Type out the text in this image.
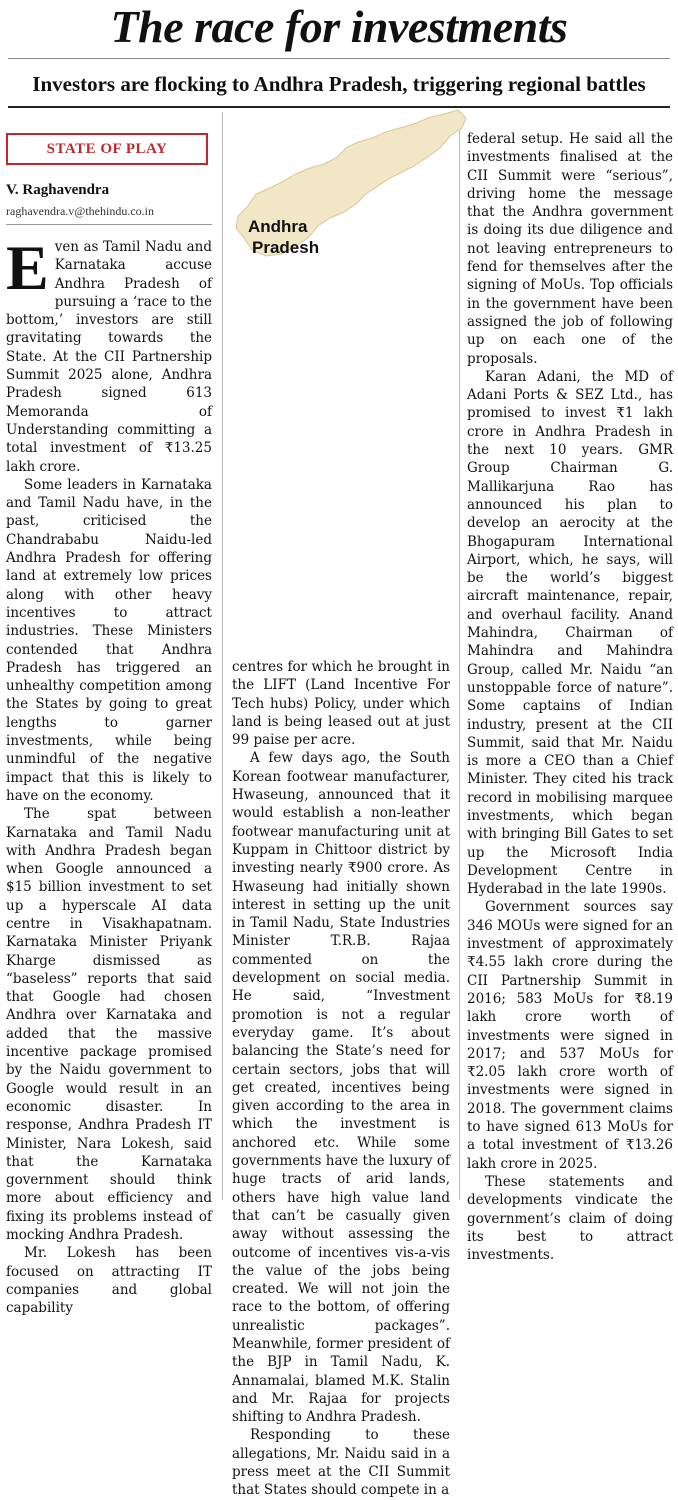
The race for investments
Investors are flocking to Andhra Pradesh, triggering regional battles
STATE OF PLAY
V. Raghavendra
raghavendra.v@thehindu.co.in

Even as Tamil Nadu and Karnataka accuse Andhra Pradesh of pursuing a ‘race to the bottom,’ investors are still gravitating towards the State. At the CII Partnership Summit 2025 alone, Andhra Pradesh signed 613 Memoranda of Understanding committing a total investment of ₹13.25 lakh crore.

Some leaders in Karnataka and Tamil Nadu have, in the past, criticised the Chandrababu Naidu-led Andhra Pradesh for offering land at extremely low prices along with other heavy incentives to attract industries. These Ministers contended that Andhra Pradesh has triggered an unhealthy competition among the States by going to great lengths to garner investments, while being unmindful of the negative impact that this is likely to have on the economy.

The spat between Karnataka and Tamil Nadu with Andhra Pradesh began when Google announced a $15 billion investment to set up a hyperscale AI data centre in Visakhapatnam. Karnataka Minister Priyank Kharge dismissed as “baseless” reports that said that Google had chosen Andhra over Karnataka and added that the massive incentive package promised by the Naidu government to Google would result in an economic disaster. In response, Andhra Pradesh IT Minister, Nara Lokesh, said that the Karnataka government should think more about efficiency and fixing its problems instead of mocking Andhra Pradesh.

Mr. Lokesh has been focused on attracting IT companies and global capability

Andhra
Pradesh

centres for which he brought in the LIFT (Land Incentive For Tech hubs) Policy, under which land is being leased out at just 99 paise per acre.

A few days ago, the South Korean footwear manufacturer, Hwaseung, announced that it would establish a non-leather footwear manufacturing unit at Kuppam in Chittoor district by investing nearly ₹900 crore. As Hwaseung had initially shown interest in setting up the unit in Tamil Nadu, State Industries Minister T.R.B. Rajaa commented on the development on social media. He said, “Investment promotion is not a regular everyday game. It’s about balancing the State’s need for certain sectors, jobs that will get created, incentives being given according to the area in which the investment is anchored etc. While some governments have the luxury of huge tracts of arid lands, others have high value land that can’t be casually given away without assessing the outcome of incentives vis-a-vis the value of the jobs being created. We will not join the race to the bottom, of offering unrealistic packages”. Meanwhile, former president of the BJP in Tamil Nadu, K. Annamalai, blamed M.K. Stalin and Mr. Rajaa for projects shifting to Andhra Pradesh.

Responding to these allegations, Mr. Naidu said in a press meet at the CII Summit that States should compete in a

federal setup. He said all the investments finalised at the CII Summit were “serious”, driving home the message that the Andhra government is doing its due diligence and not leaving entrepreneurs to fend for themselves after the signing of MoUs. Top officials in the government have been assigned the job of following up on each one of the proposals.

Karan Adani, the MD of Adani Ports & SEZ Ltd., has promised to invest ₹1 lakh crore in Andhra Pradesh in the next 10 years. GMR Group Chairman G. Mallikarjuna Rao has announced his plan to develop an aerocity at the Bhogapuram International Airport, which, he says, will be the world’s biggest aircraft maintenance, repair, and overhaul facility. Anand Mahindra, Chairman of Mahindra and Mahindra Group, called Mr. Naidu “an unstoppable force of nature”. Some captains of Indian industry, present at the CII Summit, said that Mr. Naidu is more a CEO than a Chief Minister. They cited his track record in mobilising marquee investments, which began with bringing Bill Gates to set up the Microsoft India Development Centre in Hyderabad in the late 1990s.

Government sources say 346 MOUs were signed for an investment of approximately ₹4.55 lakh crore during the CII Partnership Summit in 2016; 583 MoUs for ₹8.19 lakh crore worth of investments were signed in 2017; and 537 MoUs for ₹2.05 lakh crore worth of investments were signed in 2018. The government claims to have signed 613 MoUs for a total investment of ₹13.26 lakh crore in 2025.

These statements and developments vindicate the government’s claim of doing its best to attract investments.
